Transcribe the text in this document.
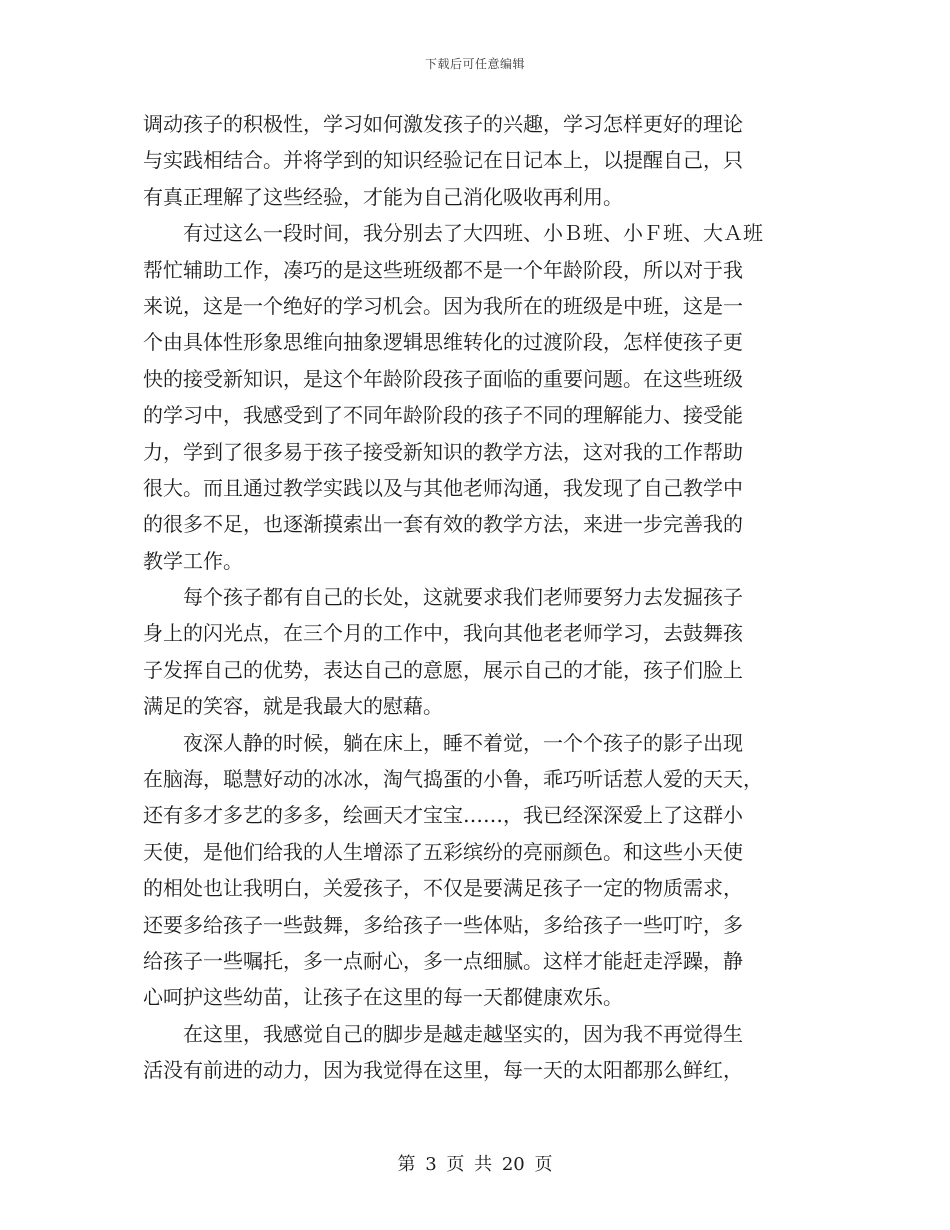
下载后可任意编辑
调动孩子的积极性，学习如何激发孩子的兴趣，学习怎样更好的理论
与实践相结合。并将学到的知识经验记在日记本上，以提醒自己，只
有真正理解了这些经验，才能为自己消化吸收再利用。
　　有过这么一段时间，我分别去了大四班、小Ｂ班、小Ｆ班、大Ａ班
帮忙辅助工作，凑巧的是这些班级都不是一个年龄阶段，所以对于我
来说，这是一个绝好的学习机会。因为我所在的班级是中班，这是一
个由具体性形象思维向抽象逻辑思维转化的过渡阶段，怎样使孩子更
快的接受新知识，是这个年龄阶段孩子面临的重要问题。在这些班级
的学习中，我感受到了不同年龄阶段的孩子不同的理解能力、接受能
力，学到了很多易于孩子接受新知识的教学方法，这对我的工作帮助
很大。而且通过教学实践以及与其他老师沟通，我发现了自己教学中
的很多不足，也逐渐摸索出一套有效的教学方法，来进一步完善我的
教学工作。
　　每个孩子都有自己的长处，这就要求我们老师要努力去发掘孩子
身上的闪光点，在三个月的工作中，我向其他老老师学习，去鼓舞孩
子发挥自己的优势，表达自己的意愿，展示自己的才能，孩子们脸上
满足的笑容，就是我最大的慰藉。
　　夜深人静的时候，躺在床上，睡不着觉，一个个孩子的影子出现
在脑海，聪慧好动的冰冰，淘气捣蛋的小鲁，乖巧听话惹人爱的天天，
还有多才多艺的多多，绘画天才宝宝……，我已经深深爱上了这群小
天使，是他们给我的人生增添了五彩缤纷的亮丽颜色。和这些小天使
的相处也让我明白，关爱孩子，不仅是要满足孩子一定的物质需求，
还要多给孩子一些鼓舞，多给孩子一些体贴，多给孩子一些叮咛，多
给孩子一些嘱托，多一点耐心，多一点细腻。这样才能赶走浮躁，静
心呵护这些幼苗，让孩子在这里的每一天都健康欢乐。
　　在这里，我感觉自己的脚步是越走越坚实的，因为我不再觉得生
活没有前进的动力，因为我觉得在这里，每一天的太阳都那么鲜红，
第 3 页 共 20 页
